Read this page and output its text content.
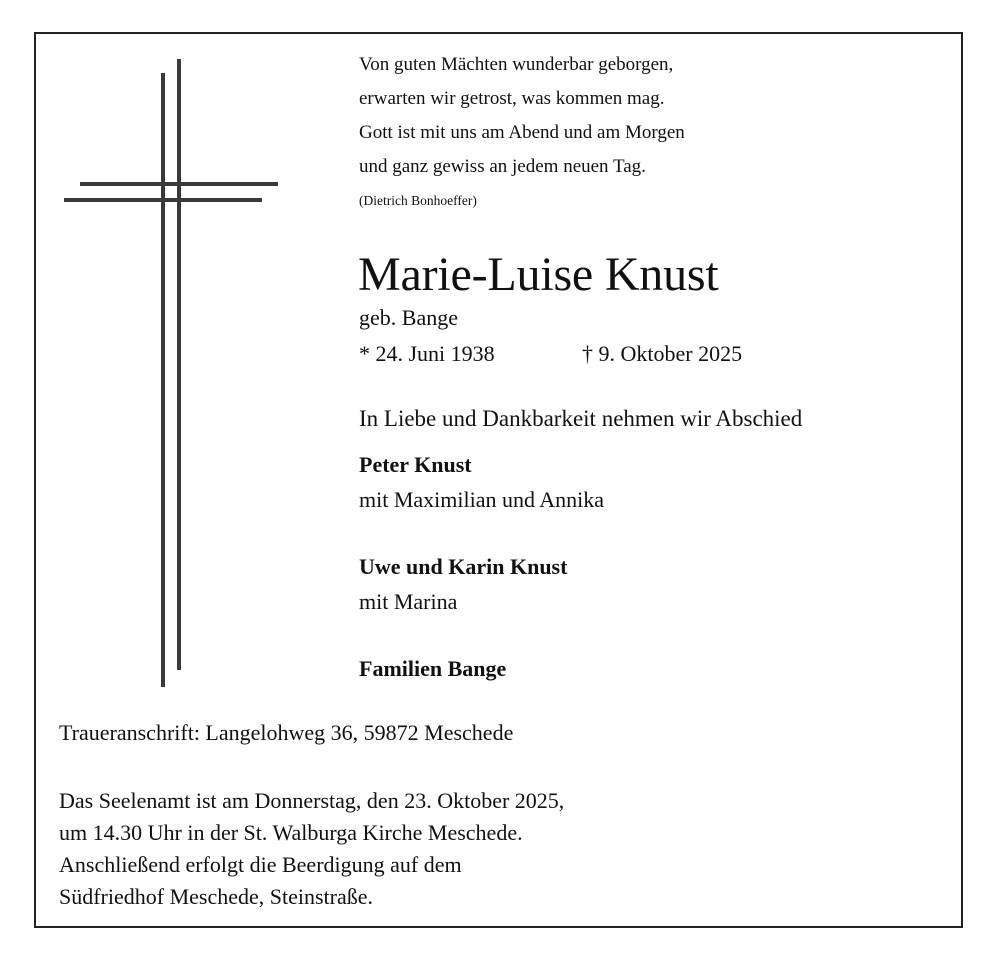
Von guten Mächten wunderbar geborgen,

erwarten wir getrost, was kommen mag.

Gott ist mit uns am Abend und am Morgen

und ganz gewiss an jedem neuen Tag.

(Dietrich Bonhoeffer)

Marie-Luise Knust

geb. Bange

* 24. Juni 1938	† 9. Oktober 2025

In Liebe und Dankbarkeit nehmen wir Abschied

Peter Knust

mit Maximilian und Annika

Uwe und Karin Knust

mit Marina

Familien Bange

Traueranschrift: Langelohweg 36, 59872 Meschede

Das Seelenamt ist am Donnerstag, den 23. Oktober 2025,

um 14.30 Uhr in der St. Walburga Kirche Meschede.

Anschließend erfolgt die Beerdigung auf dem

Südfriedhof Meschede, Steinstraße.
